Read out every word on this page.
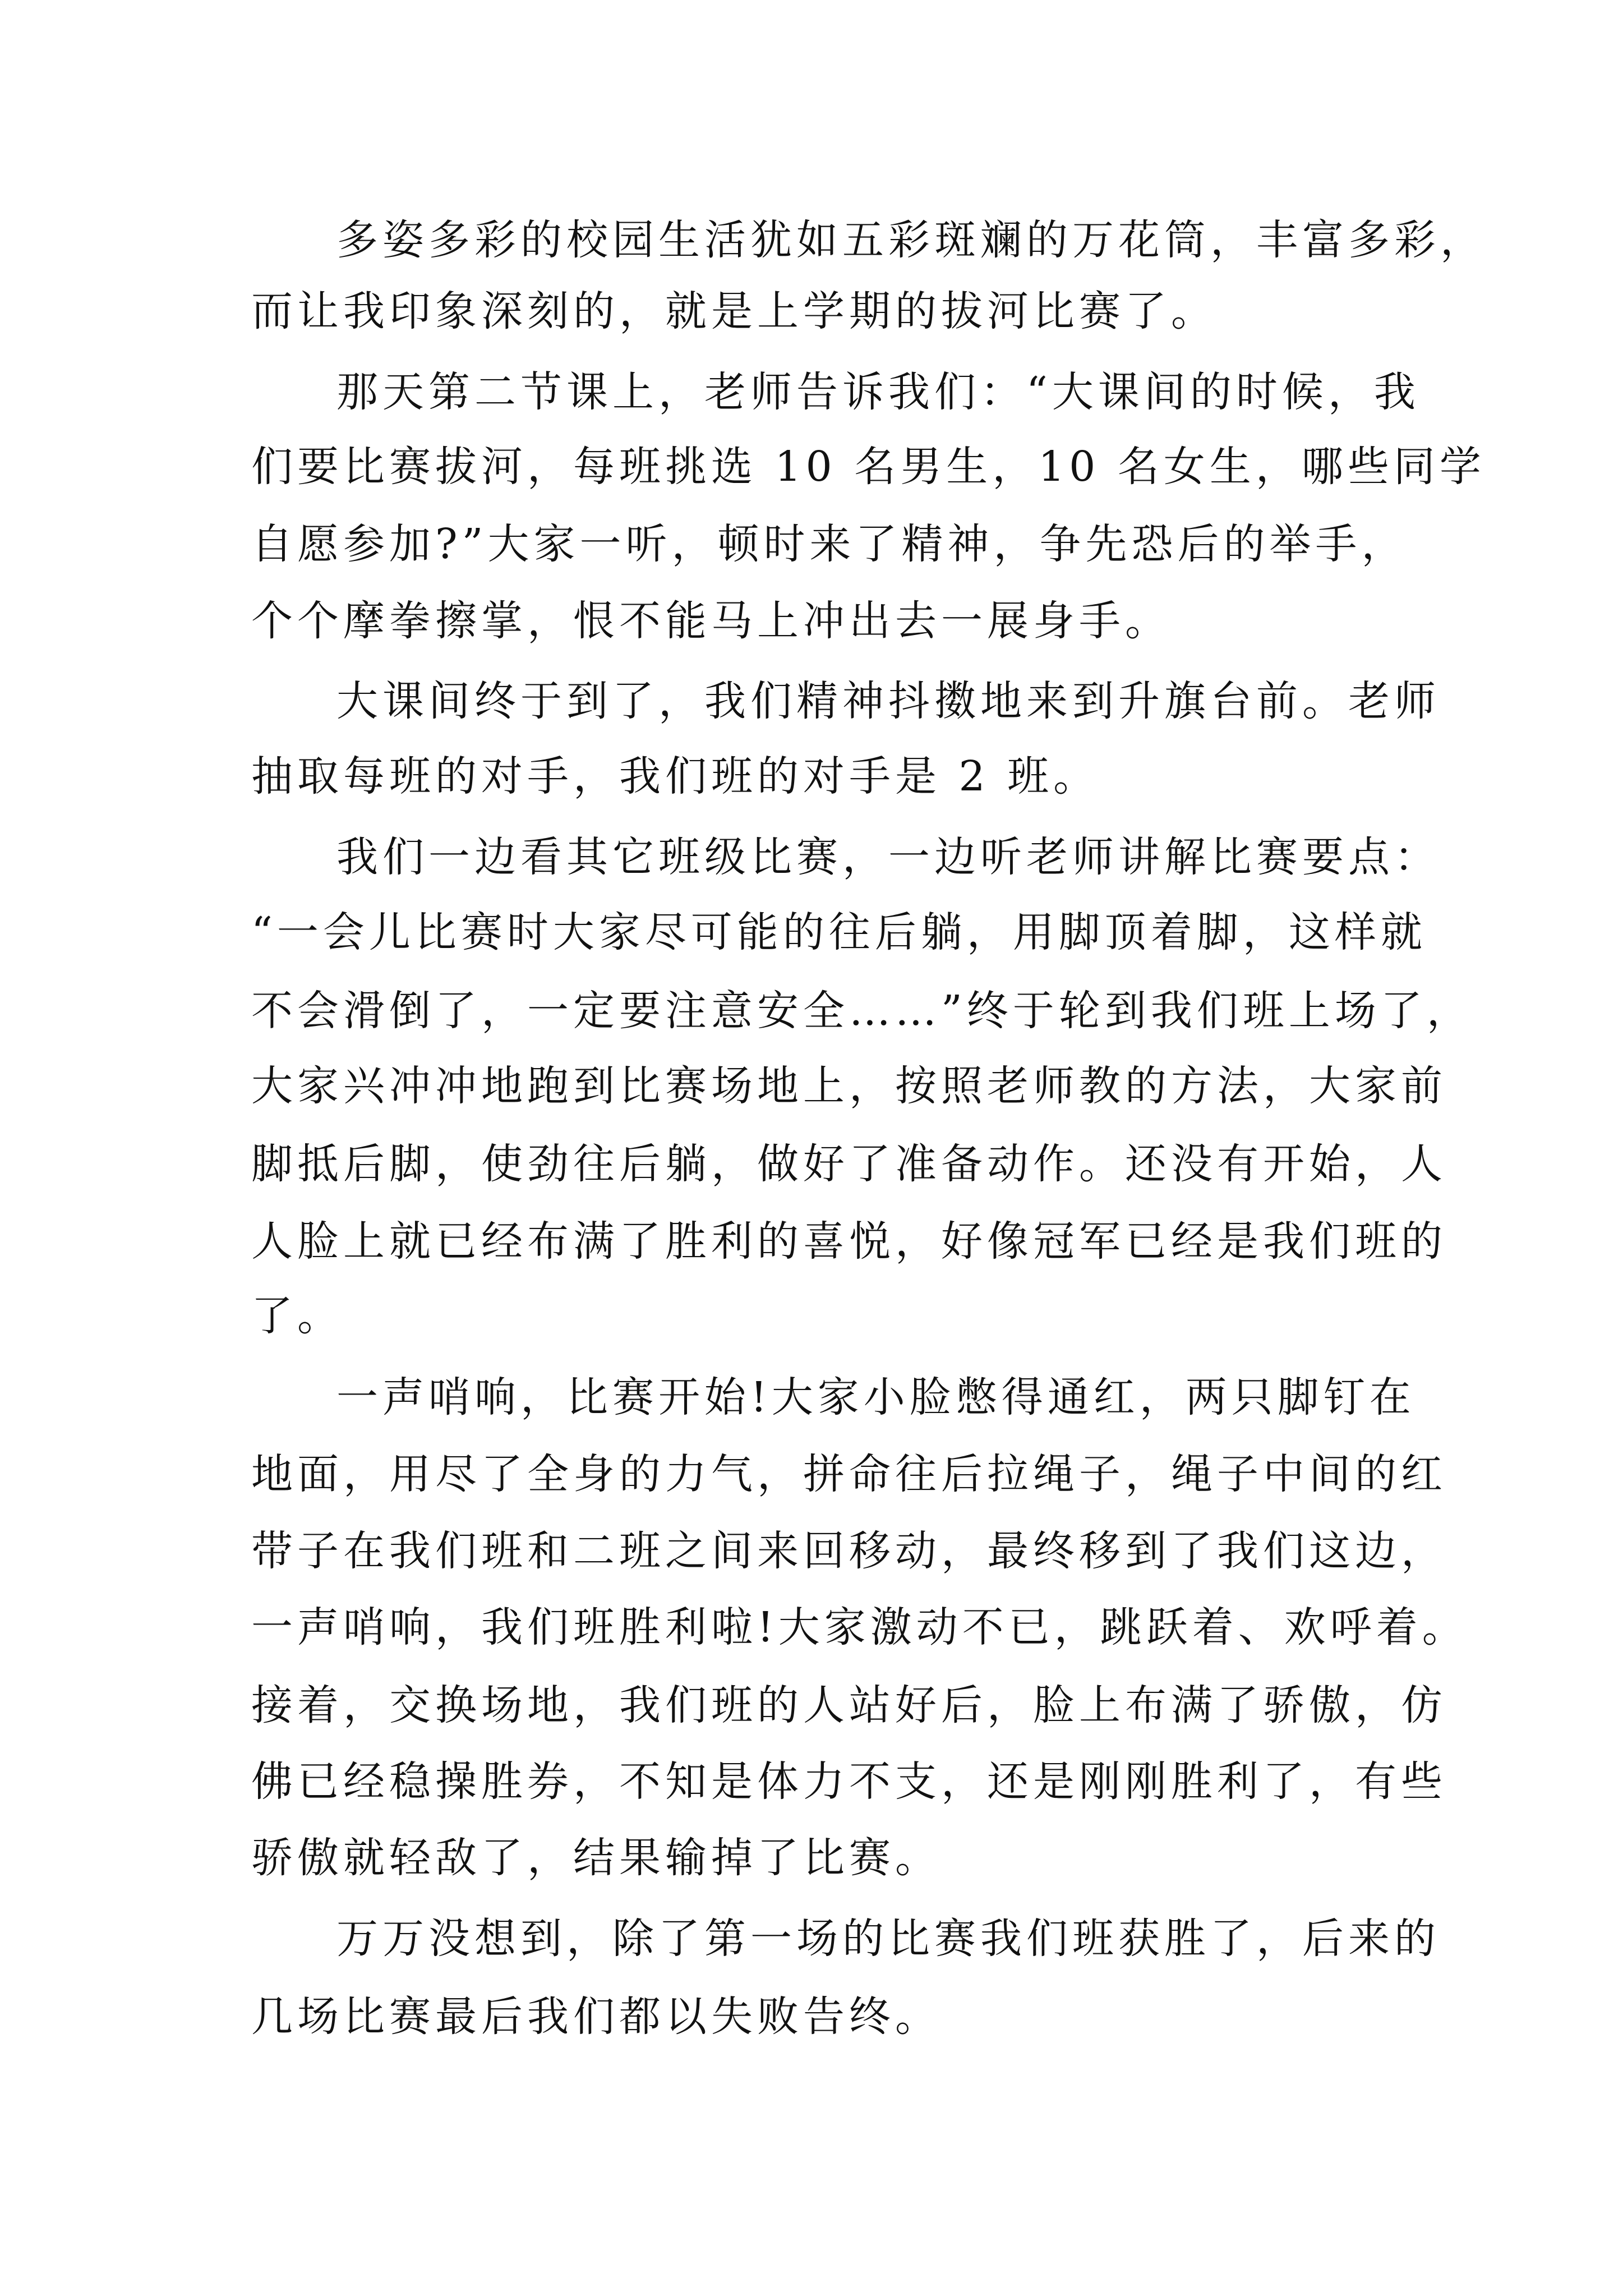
多姿多彩的校园生活犹如五彩斑斓的万花筒，丰富多彩，

而让我印象深刻的，就是上学期的拔河比赛了。

那天第二节课上，老师告诉我们：“大课间的时候，我

们要比赛拔河，每班挑选 10 名男生，10 名女生，哪些同学

自愿参加?”大家一听，顿时来了精神，争先恐后的举手，

个个摩拳擦掌，恨不能马上冲出去一展身手。

大课间终于到了，我们精神抖擞地来到升旗台前。老师

抽取每班的对手，我们班的对手是 2 班。

我们一边看其它班级比赛，一边听老师讲解比赛要点：

“一会儿比赛时大家尽可能的往后躺，用脚顶着脚，这样就

不会滑倒了，一定要注意安全……”终于轮到我们班上场了，

大家兴冲冲地跑到比赛场地上，按照老师教的方法，大家前

脚抵后脚，使劲往后躺，做好了准备动作。还没有开始，人

人脸上就已经布满了胜利的喜悦，好像冠军已经是我们班的

了。

一声哨响，比赛开始!大家小脸憋得通红，两只脚钉在

地面，用尽了全身的力气，拼命往后拉绳子，绳子中间的红

带子在我们班和二班之间来回移动，最终移到了我们这边，

一声哨响，我们班胜利啦!大家激动不已，跳跃着、欢呼着。

接着，交换场地，我们班的人站好后，脸上布满了骄傲，仿

佛已经稳操胜券，不知是体力不支，还是刚刚胜利了，有些

骄傲就轻敌了，结果输掉了比赛。

万万没想到，除了第一场的比赛我们班获胜了，后来的

几场比赛最后我们都以失败告终。
